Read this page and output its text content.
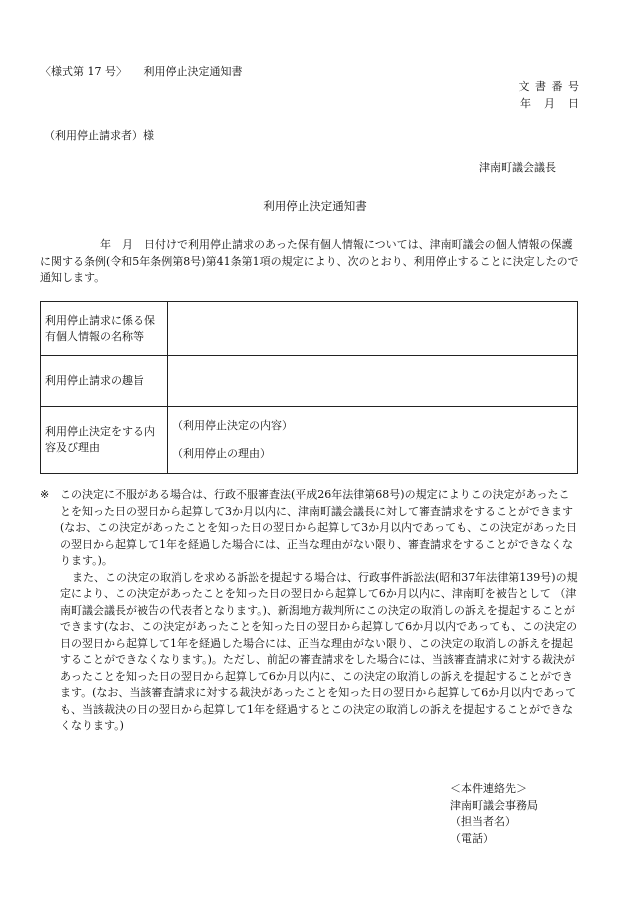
〈様式第 17 号〉　　利用停止決定通知書
文 書 番 号
年　月　日
（利用停止請求者）様
津南町議会議長
利用停止決定通知書
年　月　日付けで利用停止請求のあった保有個人情報については、津南町議会の個人情報の保護に関する条例(令和5年条例第8号)第41条第1項の規定により、次のとおり、利用停止することに決定したので通知します。
利用停止請求に係る保有個人情報の名称等	
利用停止請求の趣旨	
利用停止決定をする内容及び理由	（利用停止決定の内容）
（利用停止の理由）
※ この決定に不服がある場合は、行政不服審査法(平成26年法律第68号)の規定によりこの決定があったことを知った日の翌日から起算して3か月以内に、津南町議会議長に対して審査請求をすることができます(なお、この決定があったことを知った日の翌日から起算して3か月以内であっても、この決定があった日の翌日から起算して1年を経過した場合には、正当な理由がない限り、審査請求をすることができなくなります。)。
また、この決定の取消しを求める訴訟を提起する場合は、行政事件訴訟法(昭和37年法律第139号)の規定により、この決定があったことを知った日の翌日から起算して6か月以内に、津南町を被告として （津南町議会議長が被告の代表者となります。)、新潟地方裁判所にこの決定の取消しの訴えを提起することができます(なお、この決定があったことを知った日の翌日から起算して6か月以内であっても、この決定の日の翌日から起算して1年を経過した場合には、正当な理由がない限り、この決定の取消しの訴えを提起することができなくなります。)。ただし、前記の審査請求をした場合には、当該審査請求に対する裁決があったことを知った日の翌日から起算して6か月以内に、この決定の取消しの訴えを提起することができます。(なお、当該審査請求に対する裁決があったことを知った日の翌日から起算して6か月以内であっても、当該裁決の日の翌日から起算して1年を経過するとこの決定の取消しの訴えを提起することができなくなります。)
＜本件連絡先＞
津南町議会事務局
（担当者名）
（電話）
